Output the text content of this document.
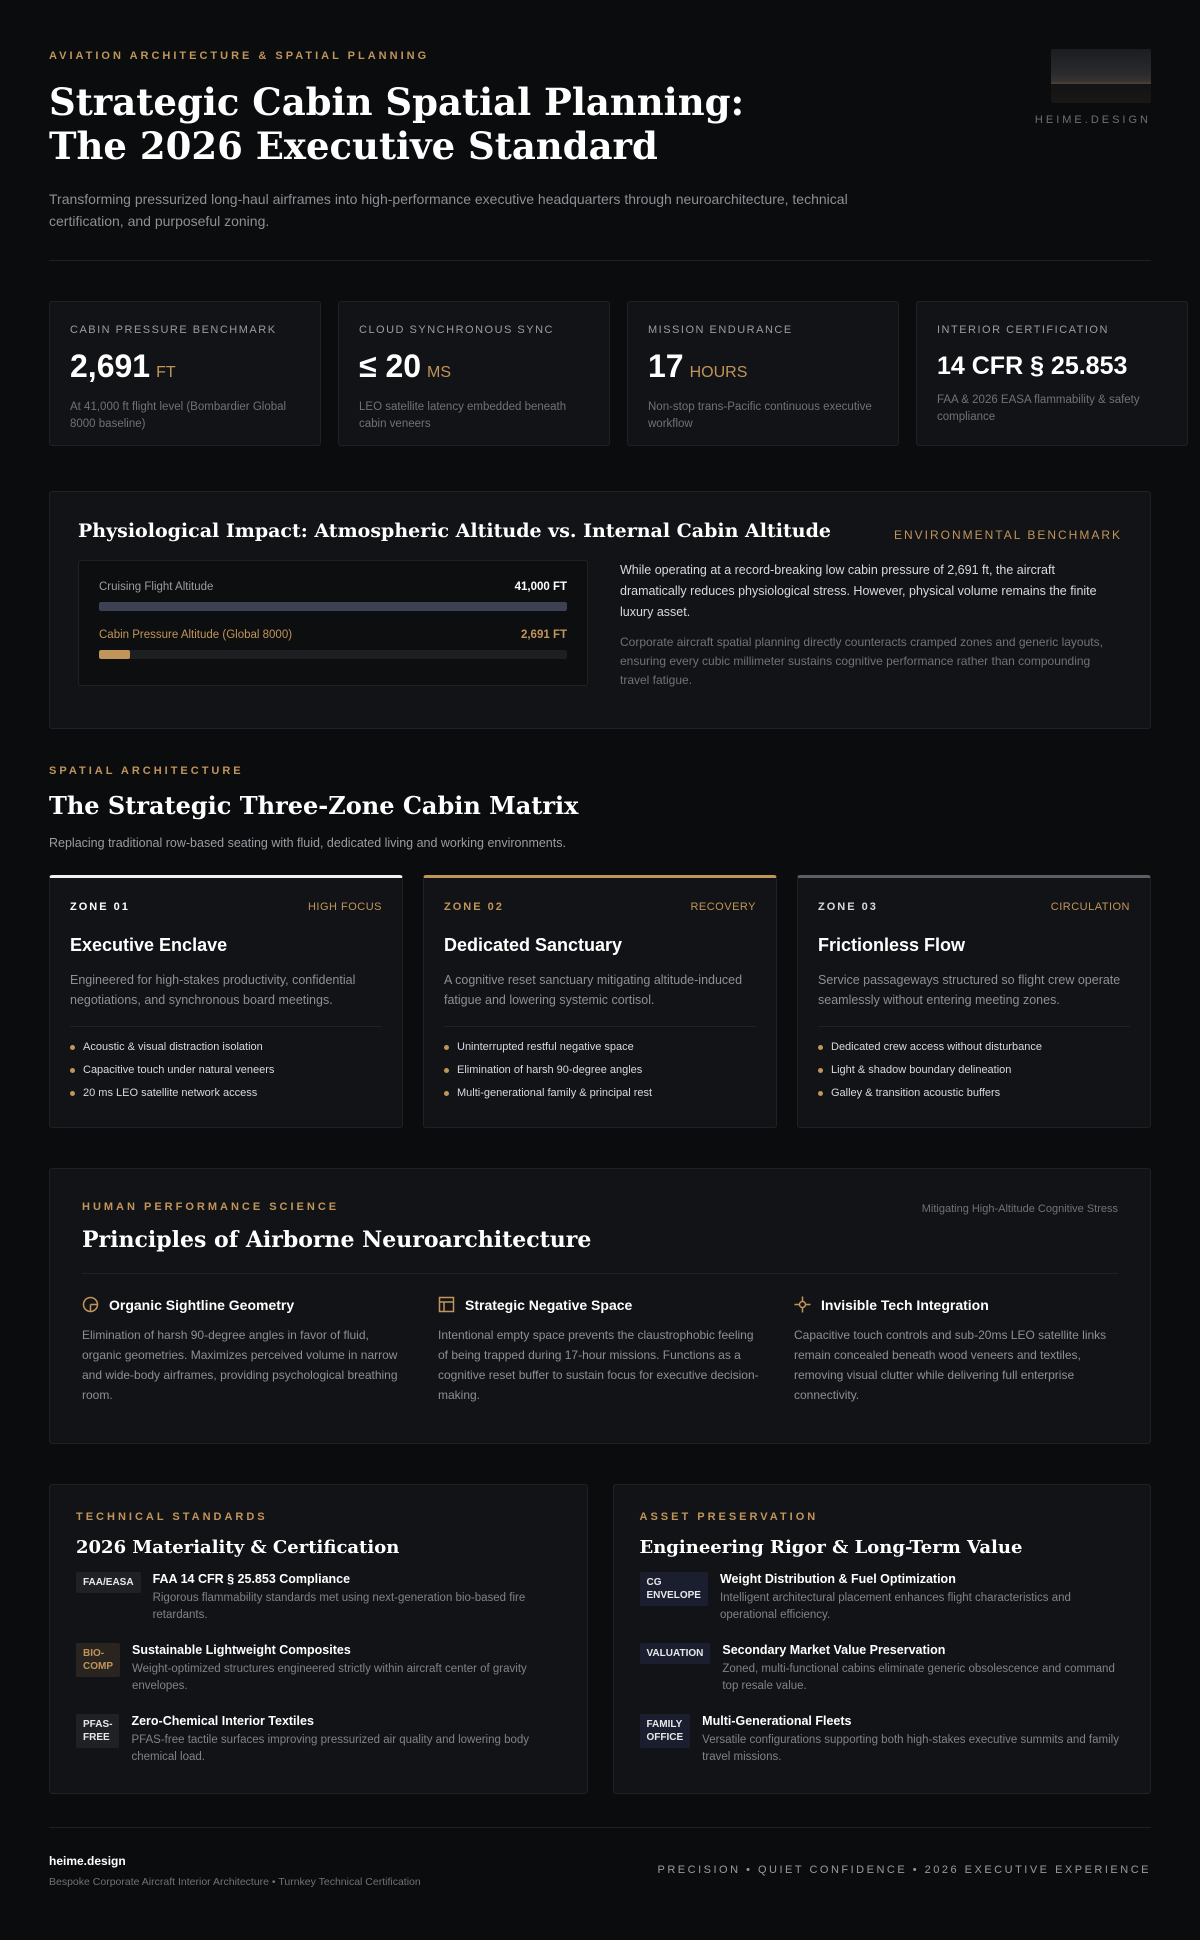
AVIATION ARCHITECTURE & SPATIAL PLANNING
Strategic Cabin Spatial Planning: The 2026 Executive Standard

Transforming pressurized long-haul airframes into high-performance executive headquarters through neuroarchitecture, technical certification, and purposeful zoning.

HEIME.DESIGN
CABIN PRESSURE BENCHMARK
2,691 FT
At 41,000 ft flight level (Bombardier Global 8000 baseline)
CLOUD SYNCHRONOUS SYNC
≤ 20 MS
LEO satellite latency embedded beneath cabin veneers
MISSION ENDURANCE
17 HOURS
Non-stop trans-Pacific continuous executive workflow
INTERIOR CERTIFICATION
14 CFR § 25.853
FAA & 2026 EASA flammability & safety compliance
Physiological Impact: Atmospheric Altitude vs. Internal Cabin Altitude	ENVIRONMENTAL BENCHMARK
Cruising Flight Altitude	41,000 FT
Cabin Pressure Altitude (Global 8000)	2,691 FT

While operating at a record-breaking low cabin pressure of 2,691 ft, the aircraft dramatically reduces physiological stress. However, physical volume remains the finite luxury asset.

Corporate aircraft spatial planning directly counteracts cramped zones and generic layouts, ensuring every cubic millimeter sustains cognitive performance rather than compounding travel fatigue.

SPATIAL ARCHITECTURE
The Strategic Three-Zone Cabin Matrix
Replacing traditional row-based seating with fluid, dedicated living and working environments.
ZONE 01	HIGH FOCUS
Executive Enclave
Engineered for high-stakes productivity, confidential negotiations, and synchronous board meetings.
Acoustic & visual distraction isolation
Capacitive touch under natural veneers
20 ms LEO satellite network access
ZONE 02	RECOVERY
Dedicated Sanctuary
A cognitive reset sanctuary mitigating altitude-induced fatigue and lowering systemic cortisol.
Uninterrupted restful negative space
Elimination of harsh 90-degree angles
Multi-generational family & principal rest
ZONE 03	CIRCULATION
Frictionless Flow
Service passageways structured so flight crew operate seamlessly without entering meeting zones.
Dedicated crew access without disturbance
Light & shadow boundary delineation
Galley & transition acoustic buffers
HUMAN PERFORMANCE SCIENCE	Mitigating High-Altitude Cognitive Stress
Principles of Airborne Neuroarchitecture
Organic Sightline Geometry

Elimination of harsh 90-degree angles in favor of fluid, organic geometries. Maximizes perceived volume in narrow and wide-body airframes, providing psychological breathing room.

Strategic Negative Space

Intentional empty space prevents the claustrophobic feeling of being trapped during 17-hour missions. Functions as a cognitive reset buffer to sustain focus for executive decision-making.

Invisible Tech Integration

Capacitive touch controls and sub-20ms LEO satellite links remain concealed beneath wood veneers and textiles, removing visual clutter while delivering full enterprise connectivity.

TECHNICAL STANDARDS
2026 Materiality & Certification
FAA/EASA	FAA 14 CFR § 25.853 Compliance
Rigorous flammability standards met using next-generation bio-based fire retardants.
BIO-
COMP
Sustainable Lightweight Composites
Weight-optimized structures engineered strictly within aircraft center of gravity envelopes.
PFAS-
FREE
Zero-Chemical Interior Textiles
PFAS-free tactile surfaces improving pressurized air quality and lowering body chemical load.
ASSET PRESERVATION
Engineering Rigor & Long-Term Value
CG
ENVELOPE
Weight Distribution & Fuel Optimization
Intelligent architectural placement enhances flight characteristics and operational efficiency.
VALUATION	Secondary Market Value Preservation
Zoned, multi-functional cabins eliminate generic obsolescence and command top resale value.
FAMILY
OFFICE
Multi-Generational Fleets
Versatile configurations supporting both high-stakes executive summits and family travel missions.
heime.design
Bespoke Corporate Aircraft Interior Architecture • Turnkey Technical Certification
PRECISION • QUIET CONFIDENCE • 2026 EXECUTIVE EXPERIENCE
